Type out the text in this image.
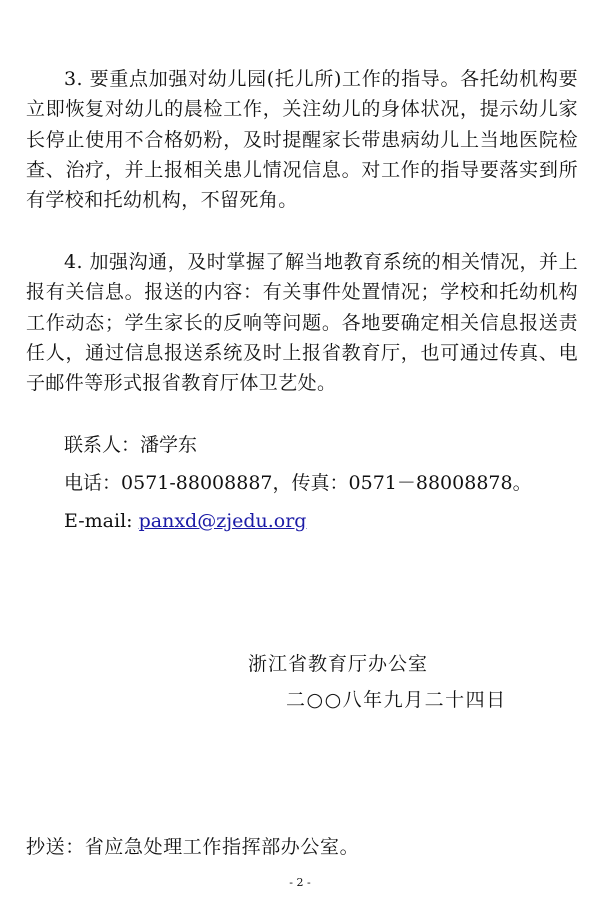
3. 要重点加强对幼儿园(托儿所)工作的指导。各托幼机构要立即恢复对幼儿的晨检工作，关注幼儿的身体状况，提示幼儿家长停止使用不合格奶粉，及时提醒家长带患病幼儿上当地医院检查、治疗，并上报相关患儿情况信息。对工作的指导要落实到所有学校和托幼机构，不留死角。

4. 加强沟通，及时掌握了解当地教育系统的相关情况，并上报有关信息。报送的内容：有关事件处置情况；学校和托幼机构工作动态；学生家长的反响等问题。各地要确定相关信息报送责任人，通过信息报送系统及时上报省教育厅，也可通过传真、电子邮件等形式报省教育厅体卫艺处。

联系人：潘学东

电话：0571-88008887，传真：0571－88008878。

E-mail: panxd@zjedu.org

浙江省教育厅办公室

二○○八年九月二十四日

抄送：省应急处理工作指挥部办公室。

- 2 -
